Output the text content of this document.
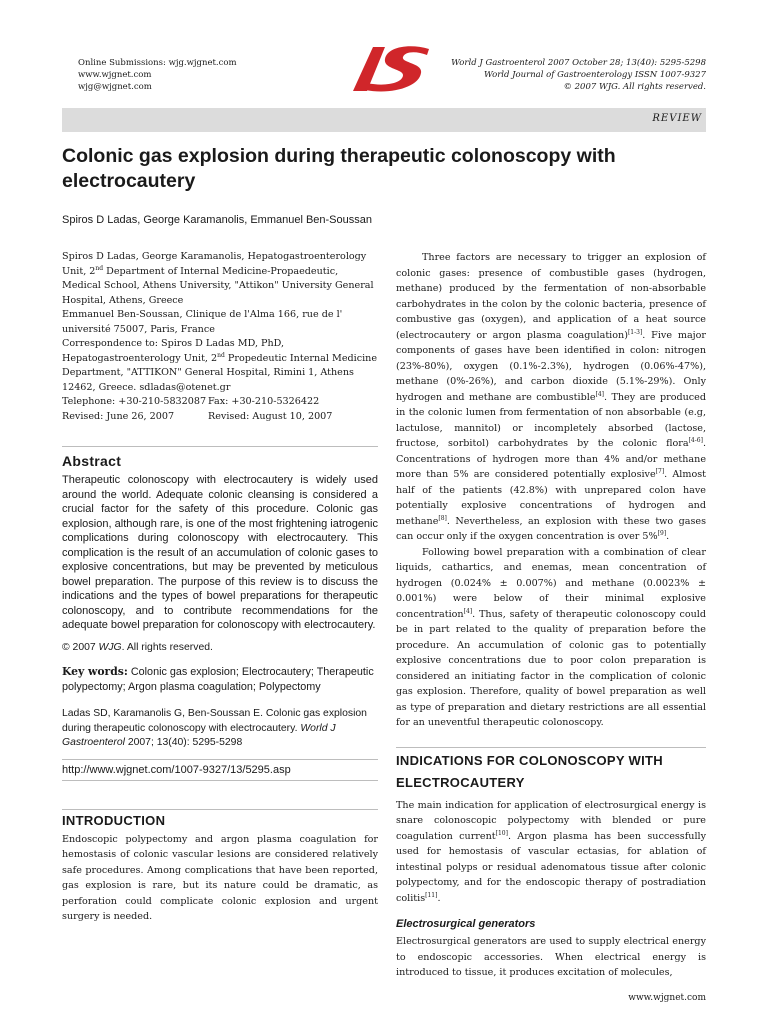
Online Submissions: wjg.wjgnet.com
www.wjgnet.com
wjg@wjgnet.com
World J Gastroenterol 2007 October 28; 13(40): 5295-5298
World Journal of Gastroenterology ISSN 1007-9327
© 2007 WJG. All rights reserved.
REVIEW
Colonic gas explosion during therapeutic colonoscopy with electrocautery
Spiros D Ladas, George Karamanolis, Emmanuel Ben-Soussan

Spiros D Ladas, George Karamanolis, Hepatogastroenterology Unit, 2nd Department of Internal Medicine-Propaedeutic, Medical School, Athens University, "Attikon" University General Hospital, Athens, Greece

Emmanuel Ben-Soussan, Clinique de l'Alma 166, rue de l' université 75007, Paris, France

Correspondence to: Spiros D Ladas MD, PhD, Hepatogastroenterology Unit, 2nd Propedeutic Internal Medicine Department, "ATTIKON" General Hospital, Rimini 1, Athens 12462, Greece. sdladas@otenet.gr

Telephone: +30-210-5832087 Fax: +30-210-5326422

Revised: June 26, 2007	Revised: August 10, 2007

Abstract

Therapeutic colonoscopy with electrocautery is widely used around the world. Adequate colonic cleansing is considered a crucial factor for the safety of this procedure. Colonic gas explosion, although rare, is one of the most frightening iatrogenic complications during colonoscopy with electrocautery. This complication is the result of an accumulation of colonic gases to explosive concentrations, but may be prevented by meticulous bowel preparation. The purpose of this review is to discuss the indications and the types of bowel preparations for therapeutic colonoscopy, and to contribute recommendations for the adequate bowel preparation for colonoscopy with electrocautery.

© 2007 WJG. All rights reserved.

Key words: Colonic gas explosion; Electrocautery; Therapeutic polypectomy; Argon plasma coagulation; Polypectomy

Ladas SD, Karamanolis G, Ben-Soussan E. Colonic gas explosion during therapeutic colonoscopy with electrocautery. World J Gastroenterol 2007; 13(40): 5295-5298

http://www.wjgnet.com/1007-9327/13/5295.asp
INTRODUCTION

Endoscopic polypectomy and argon plasma coagulation for hemostasis of colonic vascular lesions are considered relatively safe procedures. Among complications that have been reported, gas explosion is rare, but its nature could be dramatic, as perforation could complicate colonic explosion and urgent surgery is needed.

Three factors are necessary to trigger an explosion of colonic gases: presence of combustible gases (hydrogen, methane) produced by the fermentation of non-absorbable carbohydrates in the colon by the colonic bacteria, presence of combustive gas (oxygen), and application of a heat source (electrocautery or argon plasma coagulation)[1-3]. Five major components of gases have been identified in colon: nitrogen (23%-80%), oxygen (0.1%-2.3%), hydrogen (0.06%-47%), methane (0%-26%), and carbon dioxide (5.1%-29%). Only hydrogen and methane are combustible[4]. They are produced in the colonic lumen from fermentation of non absorbable (e.g, lactulose, mannitol) or incompletely absorbed (lactose, fructose, sorbitol) carbohydrates by the colonic flora[4-6]. Concentrations of hydrogen more than 4% and/or methane more than 5% are considered potentially explosive[7]. Almost half of the patients (42.8%) with unprepared colon have potentially explosive concentrations of hydrogen and methane[8]. Nevertheless, an explosion with these two gases can occur only if the oxygen concentration is over 5%[9].

Following bowel preparation with a combination of clear liquids, cathartics, and enemas, mean concentration of hydrogen (0.024% ± 0.007%) and methane (0.0023% ± 0.001%) were below of their minimal explosive concentration[4]. Thus, safety of therapeutic colonoscopy could be in part related to the quality of preparation before the procedure. An accumulation of colonic gas to potentially explosive concentrations due to poor colon preparation is considered an initiating factor in the complication of colonic gas explosion. Therefore, quality of bowel preparation as well as type of preparation and dietary restrictions are all essential for an uneventful therapeutic colonoscopy.

INDICATIONS FOR COLONOSCOPY WITH ELECTROCAUTERY

The main indication for application of electrosurgical energy is snare colonoscopic polypectomy with blended or pure coagulation current[10]. Argon plasma has been successfully used for hemostasis of vascular ectasias, for ablation of intestinal polyps or residual adenomatous tissue after colonic polypectomy, and for the endoscopic therapy of postradiation colitis[11].

Electrosurgical generators

Electrosurgical generators are used to supply electrical energy to endoscopic accessories. When electrical energy is introduced to tissue, it produces excitation of molecules,

www.wjgnet.com
